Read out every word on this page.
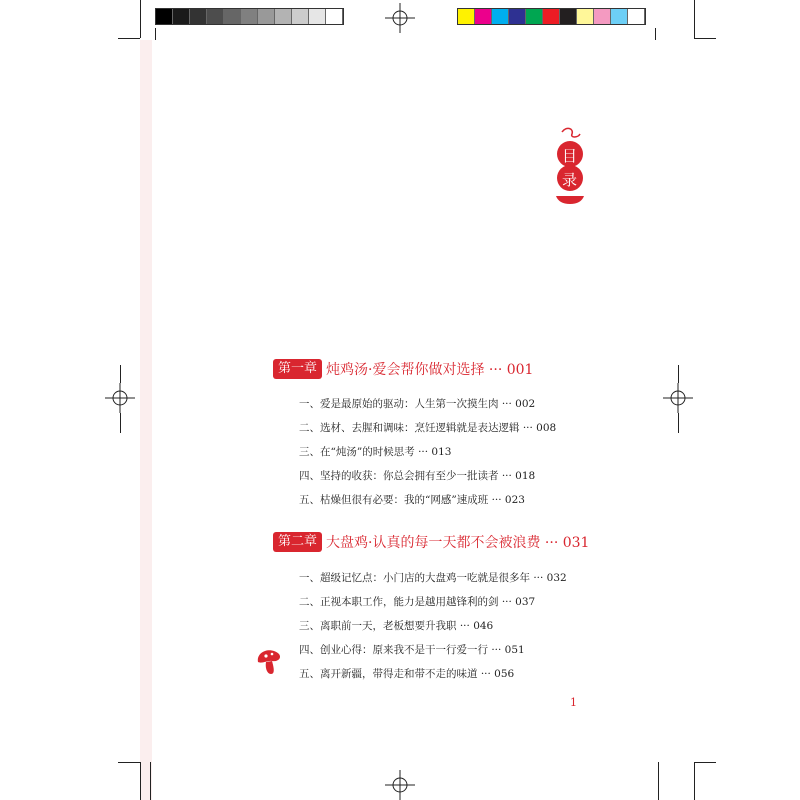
目
录
第一章 炖鸡汤·爱会帮你做对选择 ··· 001
一、爱是最原始的驱动：人生第一次摸生肉 ··· 002
二、选材、去腥和调味：烹饪逻辑就是表达逻辑 ··· 008
三、在“炖汤”的时候思考 ··· 013
四、坚持的收获：你总会拥有至少一批读者 ··· 018
五、枯燥但很有必要：我的“网感”速成班 ··· 023
第二章 大盘鸡·认真的每一天都不会被浪费 ··· 031
一、超级记忆点：小门店的大盘鸡一吃就是很多年 ··· 032
二、正视本职工作，能力是越用越锋利的剑 ··· 037
三、离职前一天，老板想要升我职 ··· 046
四、创业心得：原来我不是干一行爱一行 ··· 051
五、离开新疆，带得走和带不走的味道 ··· 056
1
